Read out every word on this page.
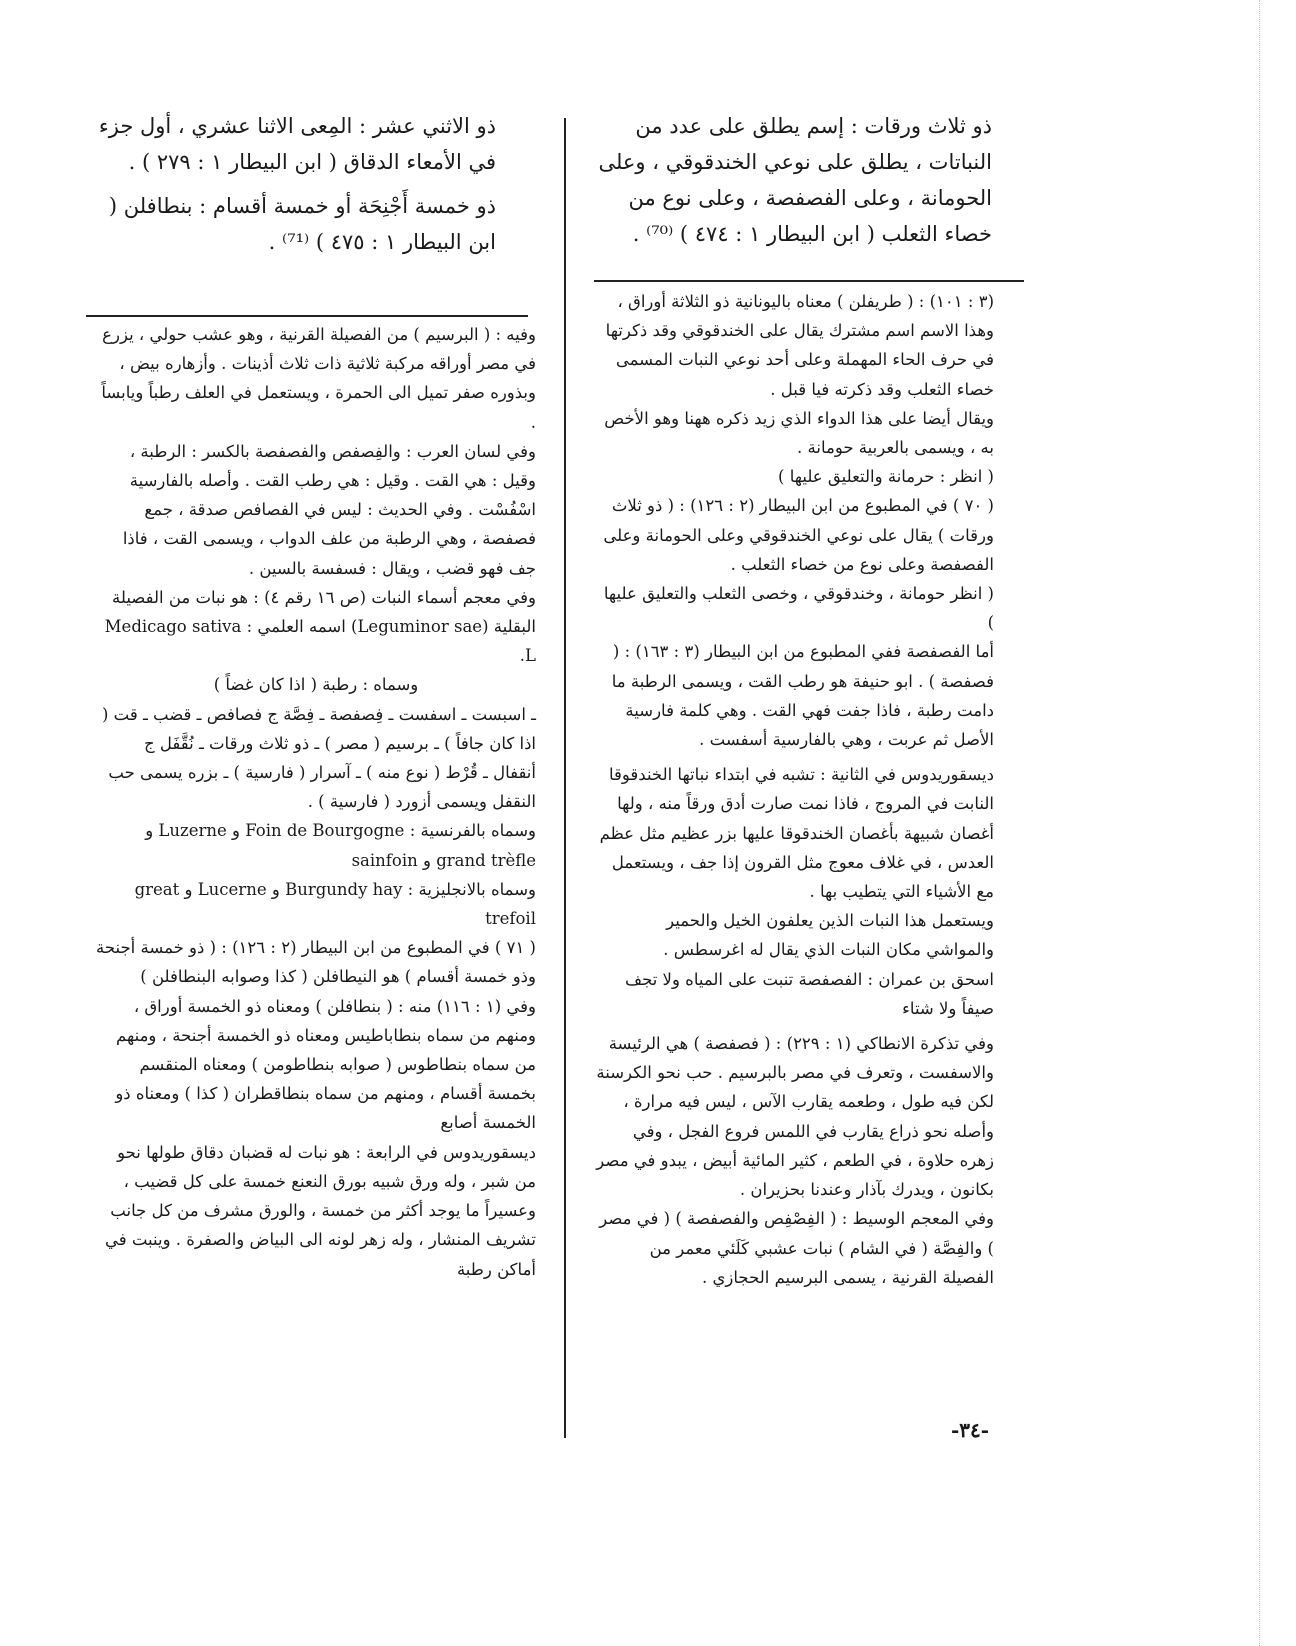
ذو ثلاث ورقات : إسم يطلق على عدد من النباتات ، يطلق على نوعي الخندقوقي ، وعلى الحومانة ، وعلى الفصفصة ، وعلى نوع من خصاء الثعلب ( ابن البيطار ١ : ٤٧٤ ) ⁽⁷⁰⁾ .

ذو الاثني عشر : المِعى الاثنا عشري ، أول جزء في الأمعاء الدقاق ( ابن البيطار ١ : ٢٧٩ ) .

ذو خمسة أَجْنِحَة أو خمسة أقسام : بنطافلن ( ابن البيطار ١ : ٤٧٥ ) ⁽⁷¹⁾ .

(٣ : ١٠١) : ( طريفلن ) معناه باليونانية ذو الثلاثة أوراق ، وهذا الاسم اسم مشترك يقال على الخندقوقي وقد ذكرتها في حرف الحاء المهملة وعلى أحد نوعي النبات المسمى خصاء الثعلب وقد ذكرته فيا قبل .

ويقال أيضا على هذا الدواء الذي زيد ذكره ههنا وهو الأخص به ، ويسمى بالعربية حومانة .

( انظر : حرمانة والتعليق عليها )

( ٧٠ ) في المطبوع من ابن البيطار (٢ : ١٢٦) : ( ذو ثلاث ورقات ) يقال على نوعي الخندقوقي وعلى الحومانة وعلى الفصفصة وعلى نوع من خصاء الثعلب .

( انظر حومانة ، وخندقوقي ، وخصى الثعلب والتعليق عليها )

أما الفصفصة ففي المطبوع من ابن البيطار (٣ : ١٦٣) : ( فصفصة ) . ابو حنيفة هو رطب القت ، ويسمى الرطبة ما دامت رطبة ، فاذا جفت فهي القت . وهي كلمة فارسية الأصل ثم عربت ، وهي بالفارسية أسفست .

ديسقوريدوس في الثانية : تشبه في ابتداء نباتها الخندقوقا النابت في المروج ، فاذا نمت صارت أدق ورقاً منه ، ولها أغصان شبيهة بأغصان الخندقوقا عليها بزر عظيم مثل عظم العدس ، في غلاف معوج مثل القرون إذا جف ، ويستعمل مع الأشياء التي يتطيب بها .

ويستعمل هذا النبات الذين يعلفون الخيل والحمير والمواشي مكان النبات الذي يقال له اغرسطس .

اسحق بن عمران : الفصفصة تنبت على المياه ولا تجف صيفاً ولا شتاء

وفي تذكرة الانطاكي (١ : ٢٢٩) : ( فصفصة ) هي الرئيسة والاسفست ، وتعرف في مصر بالبرسيم . حب نحو الكرسنة لكن فيه طول ، وطعمه يقارب الآس ، ليس فيه مرارة ، وأصله نحو ذراع يقارب في اللمس فروع الفجل ، وفي زهره حلاوة ، في الطعم ، كثير المائية أبيض ، يبدو في مصر بكانون ، ويدرك بآذار وعندنا بحزيران .

وفي المعجم الوسيط : ( الفِصْفِص والفصفصة ) ( في مصر ) والفِصَّة ( في الشام ) نبات عشبي كَلَئي معمر من الفصيلة القرنية ، يسمى البرسيم الحجازي .

وفيه : ( البرسيم ) من الفصيلة القرنية ، وهو عشب حولي ، يزرع في مصر أوراقه مركبة ثلاثية ذات ثلاث أذينات . وأزهاره بيض ، وبذوره صفر تميل الى الحمرة ، ويستعمل في العلف رطباً ويابساً .

وفي لسان العرب : والفِصفص والفصفصة بالكسر : الرطبة ، وقيل : هي القت . وقيل : هي رطب القت . وأصله بالفارسية اسْفُسْت . وفي الحديث : ليس في الفصافص صدقة ، جمع فصفصة ، وهي الرطبة من علف الدواب ، ويسمى القت ، فاذا جف فهو قضب ، ويقال : فسفسة بالسين .

وفي معجم أسماء النبات (ص ١٦ رقم ٤) : هو نبات من الفصيلة البقلية (Leguminor sae) اسمه العلمي : Medicago sativa L.

وسماه : رطبة ( اذا كان غضاً )

ـ اسبست ـ اسفست ـ فِصفصة ـ فِصَّة ج فصافص ـ قضب ـ قت ( اذا كان جافاً ) ـ برسيم ( مصر ) ـ ذو ثلاث ورقات ـ نُقَّفَل ج أنقفال ـ قُرْط ( نوع منه ) ـ آسرار ( فارسية ) ـ بزره يسمى حب النقفل ويسمى أزورد ( فارسية ) .

وسماه بالفرنسية : Foin de Bourgogne و Luzerne و grand trèfle و sainfoin

وسماه بالانجليزية : Burgundy hay و Lucerne و great trefoil

( ٧١ ) في المطبوع من ابن البيطار (٢ : ١٢٦) : ( ذو خمسة أجنحة وذو خمسة أقسام ) هو النيطافلن ( كذا وصوابه البنطافلن )

وفي (١ : ١١٦) منه : ( بنطافلن ) ومعناه ذو الخمسة أوراق ، ومنهم من سماه بنطاباطيس ومعناه ذو الخمسة أجنحة ، ومنهم من سماه بنطاطوس ( صوابه بنطاطومن ) ومعناه المنقسم بخمسة أقسام ، ومنهم من سماه بنطاقطران ( كذا ) ومعناه ذو الخمسة أصابع

ديسقوريدوس في الرابعة : هو نبات له قضبان دقاق طولها نحو من شبر ، وله ورق شبيه بورق النعنع خمسة على كل قضيب ، وعسيراً ما يوجد أكثر من خمسة ، والورق مشرف من كل جانب تشريف المنشار ، وله زهر لونه الى البياض والصفرة . وينبت في أماكن رطبة

-٣٤-
